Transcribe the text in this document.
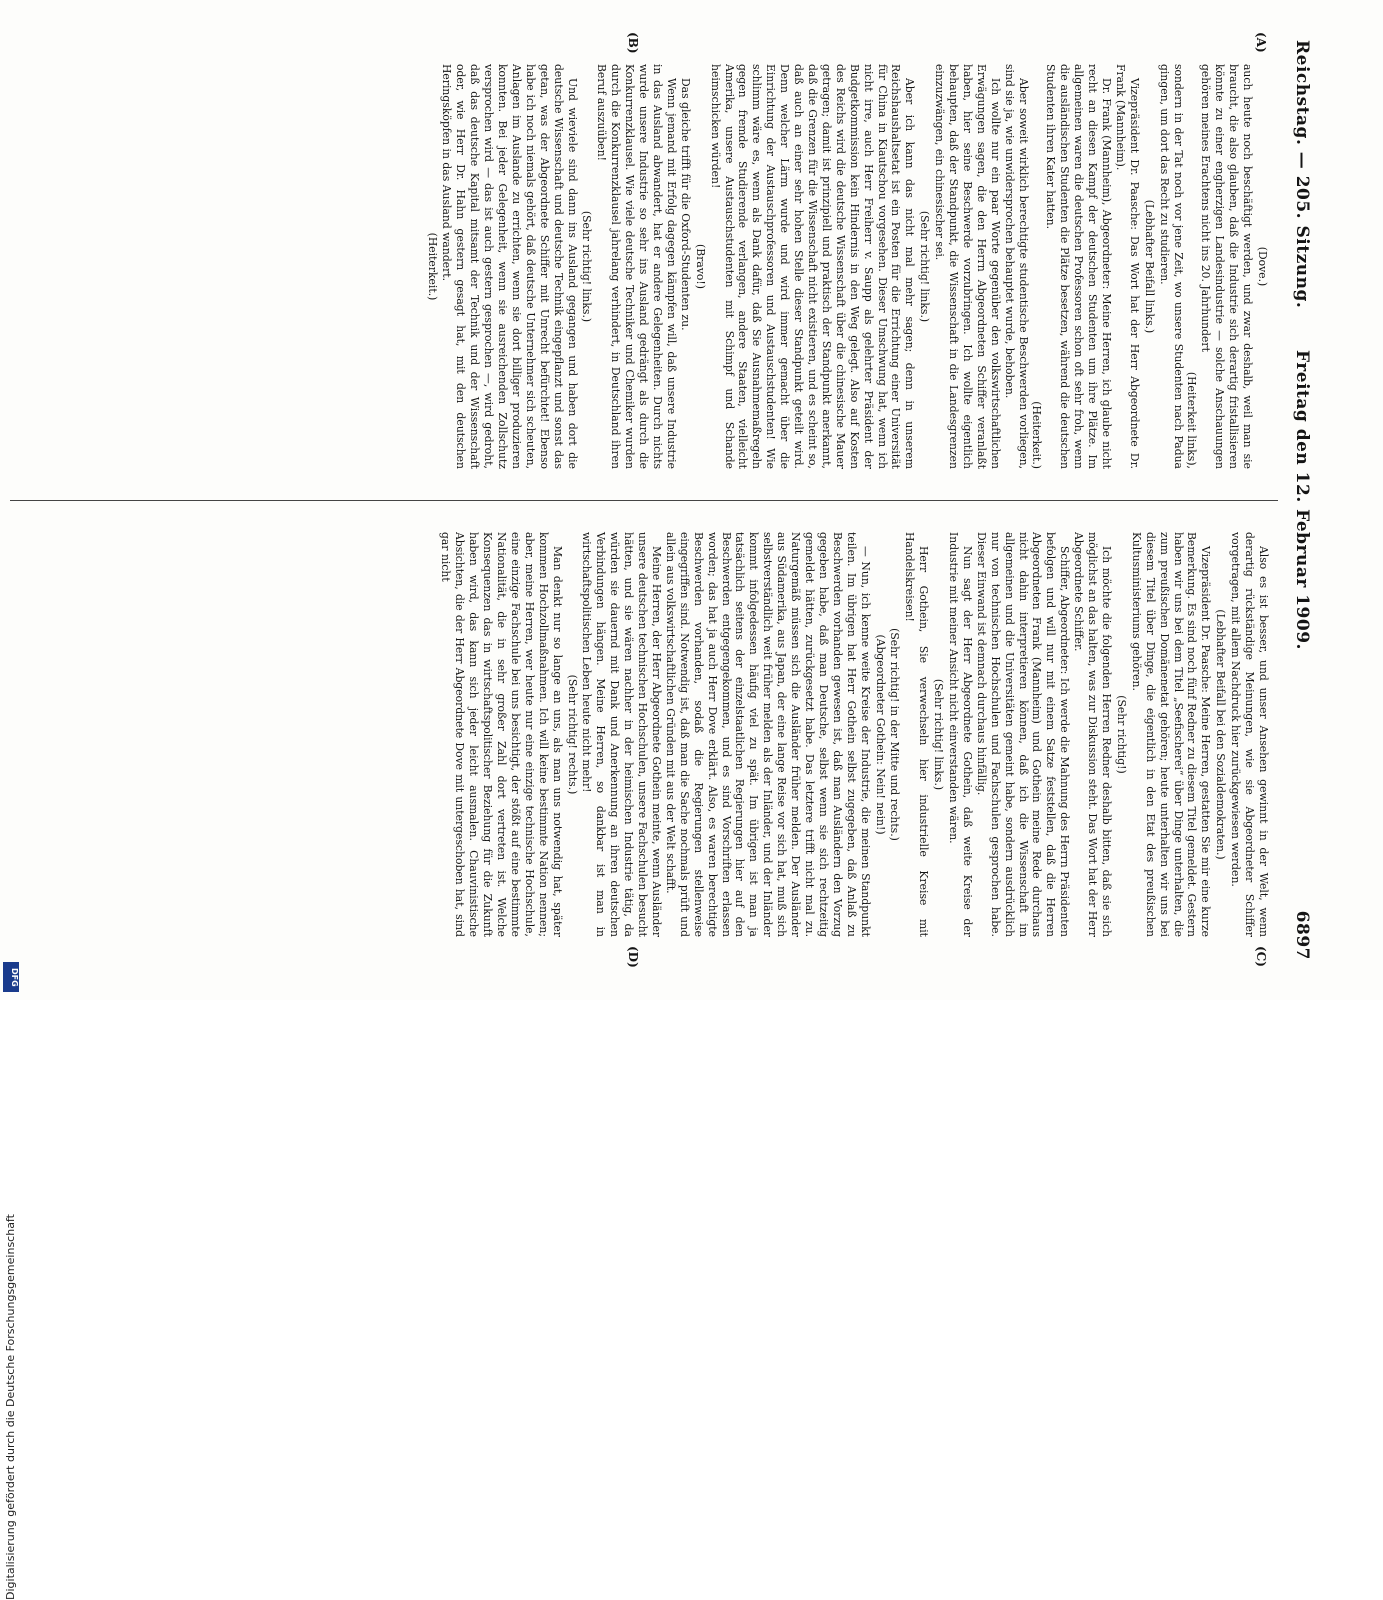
Reichstag. — 205. Sitzung.
Freitag den 12. Februar 1909.
6897
(A)
(B)
(C)
(D)

(Dove.)

auch heute noch beschäftigt werden, und zwar deshalb, weil man sie braucht, die also glauben, daß die Industrie sich derartig fristallisieren könnte zu einer engherzigen Landesindustrie — solche Anschauungen gehören meines Erachtens nicht ins 20. Jahrhundert

(Heiterkeit links),

sondern in der Tat noch vor jene Zeit, wo unsere Studenten nach Padua gingen, um dort das Recht zu studieren.

(Lebhafter Beifall links.)

Vizepräsident Dr. Paasche: Das Wort hat der Herr Abgeordnete Dr. Frank (Mannheim).

Dr. Frank (Mannheim), Abgeordneter: Meine Herren, ich glaube nicht recht an diesen Kampf der deutschen Studenten um ihre Plätze. Im allgemeinen waren die deutschen Professoren schon oft sehr froh, wenn die ausländischen Studenten die Plätze besetzen, während die deutschen Studenten ihren Kater hatten.

(Heiterkeit.)

Aber soweit wirklich berechtigte studentische Beschwerden vorliegen, sind sie ja, wie unwidersprochen behauptet wurde, behoben.

Ich wollte nur ein paar Worte gegenüber den volkswirtschaftlichen Erwägungen sagen, die den Herrn Abgeordneten Schiffer veranlaßt haben, hier seine Beschwerde vorzubringen. Ich wollte eigentlich behaupten, daß der Standpunkt, die Wissenschaft in die Landesgrenzen einzuzwängen, ein chinesischer sei.

(Sehr richtig! links.)

Aber ich kann das nicht mal mehr sagen; denn in unserem Reichshaushaltsetat ist ein Posten für die Errichtung einer Universität für China in Kiautschou vorgesehen. Dieser Umschwung hat, wenn ich nicht irre, auch Herr Freiherr v. Saupp als gelehrter Präsident der Budgetkommission kein Hindernis in den Weg gelegt. Also auf Kosten des Reichs wird die deutsche Wissenschaft über die chinesische Mauer getragen; damit ist prinzipiell und praktisch der Standpunkt anerkannt, daß die Grenzen für die Wissenschaft nicht existieren, und es scheint so, daß auch an einer sehr hohen Stelle dieser Standpunkt geteilt wird. Denn welcher Lärm wurde und wird immer gemacht über die Einrichtung der Austauschprofessoren und Austauschstudenten! Wie schlimm wäre es, wenn als Dank dafür, daß Sie Ausnahmemaßregeln gegen fremde Studierende verlangen, andere Staaten, vielleicht Amerika, unsere Austauschstudenten mit Schimpf und Schande heimschicken würden!

(Bravo!)

Das gleiche trifft für die Oxford-Studenten zu.

Wenn jemand mit Erfolg dagegen kämpfen will, daß unsere Industrie in das Ausland abwandert, hat er andere Gelegenheiten. Durch nichts wurde unsere Industrie so sehr ins Ausland gedrängt als durch die Konkurrenzklausel. Wie viele deutsche Techniker und Chemiker wurden durch die Konkurrenzklausel jahrelang verhindert, in Deutschland ihren Beruf auszuüben!

(Sehr richtig! links.)

Und wieviele sind dann ins Ausland gegangen und haben dort die deutsche Wissenschaft und deutsche Technik eingepflanzt und sonst das getan, was der Abgeordnete Schiffer mit Unrecht befürchtet! Ebenso habe ich noch niemals gehört, daß deutsche Unternehmer sich scheuten, Anlagen im Auslande zu errichten, wenn sie dort billiger produzieren konnten. Bei jeder Gelegenheit, wenn sie ausreichenden Zollschutz versprochen wird — das ist auch gestern gesprochen —, wird gedroht, daß das deutsche Kapital mitsamt der Technik und der Wissenschaft oder, wie Herr Dr. Hahn gestern gesagt hat, mit den deutschen Heringsköpfen in das Ausland wandert.

(Heiterkeit.)

Also es ist besser, und unser Ansehen gewinnt in der Welt, wenn derartig rückständige Meinungen, wie sie Abgeordneter Schiffer vorgetragen, mit allem Nachdruck hier zurückgewiesen werden.

(Lebhafter Beifall bei den Sozialdemokraten.)

Vizepräsident Dr. Paasche: Meine Herren, gestatten Sie mir eine kurze Bemerkung. Es sind noch fünf Redner zu diesem Titel gemeldet. Gestern haben wir uns bei dem Titel „Seefischerei“ über Dinge unterhalten, die zum preußischen Domänenetat gehören; heute unterhalten wir uns bei diesem Titel über Dinge, die eigentlich in den Etat des preußischen Kultusministeriums gehören.

(Sehr richtig!)

Ich möchte die folgenden Herren Redner deshalb bitten, daß sie sich möglichst an das halten, was zur Diskussion steht. Das Wort hat der Herr Abgeordnete Schiffer.

Schiffer, Abgeordneter: Ich werde die Mahnung des Herrn Präsidenten befolgen und will nur mit einem Satze feststellen, daß die Herren Abgeordneten Frank (Mannheim) und Gothein meine Rede durchaus nicht dahin interpretieren können, daß ich die Wissenschaft im allgemeinen und die Universitäten gemeint habe, sondern ausdrücklich nur von technischen Hochschulen und Fachschulen gesprochen habe. Dieser Einwand ist demnach durchaus hinfällig.

Nun sagt der Herr Abgeordnete Gothein, daß weite Kreise der Industrie mit meiner Ansicht nicht einverstanden wären.

(Sehr richtig! links.)

Herr Gothein, Sie verwechseln hier industrielle Kreise mit Handelskreisen!

(Sehr richtig! in der Mitte und rechts.)

(Abgeordneter Gothein: Nein! nein!)

— Nun, ich kenne weite Kreise der Industrie, die meinen Standpunkt teilen. Im übrigen hat Herr Gothein selbst zugegeben, daß Anlaß zu Beschwerden vorhanden gewesen ist, daß man Ausländern den Vorzug gegeben habe, daß man Deutsche, selbst wenn sie sich rechtzeitig gemeldet hätten, zurückgesetzt habe. Das letztere trifft nicht mal zu. Naturgemäß müssen sich die Ausländer früher melden. Der Ausländer aus Südamerika, aus Japan, der eine lange Reise vor sich hat, muß sich selbstverständlich weit früher melden als der Inländer, und der Inländer kommt infolgedessen häufig viel zu spät. Im übrigen ist man ja tatsächlich seitens der einzelstaatlichen Regierungen hier auf den Beschwerden entgegengekommen, und es sind Vorschriften erlassen worden; das hat ja auch Herr Dove erklärt. Also, es waren berechtigte Beschwerden vorhanden, sodaß die Regierungen stellenweise eingegriffen sind. Notwendig ist, daß man die Sache nochmals prüft und allein aus volkswirtschaftlichen Gründen mit aus der Welt schafft.

Meine Herren, der Herr Abgeordnete Gothein meinte, wenn Ausländer unsere deutschen technischen Hochschulen, unsere Fachschulen besucht hätten, und sie wären nachher in der heimischen Industrie tätig, da würden sie dauernd mit Dank und Anerkennung an ihren deutschen Verbindungen hängen. Meine Herren, so dankbar ist man in wirtschaftspolitischen Leben heute nicht mehr!

(Sehr richtig! rechts.)

Man denkt nur so lange an uns, als man uns notwendig hat, später kommen Hochzollmaßnahmen. Ich will keine bestimmte Nation nennen; aber, meine Herren, wer heute nur eine einzige technische Hochschule, eine einzige Fachschule bei uns besichtigt, der stößt auf eine bestimmte Nationalität, die in sehr großer Zahl dort vertreten ist. Welche Konsequenzen das in wirtschaftspolitischer Beziehung für die Zukunft haben wird, das kann sich jeder leicht ausmalen. Chauvinistische Absichten, die der Herr Abgeordnete Dove mit untergeschoben hat, sind gar nicht

Digitalisierung gefördert durch die Deutsche Forschungsgemeinschaft
DFG
